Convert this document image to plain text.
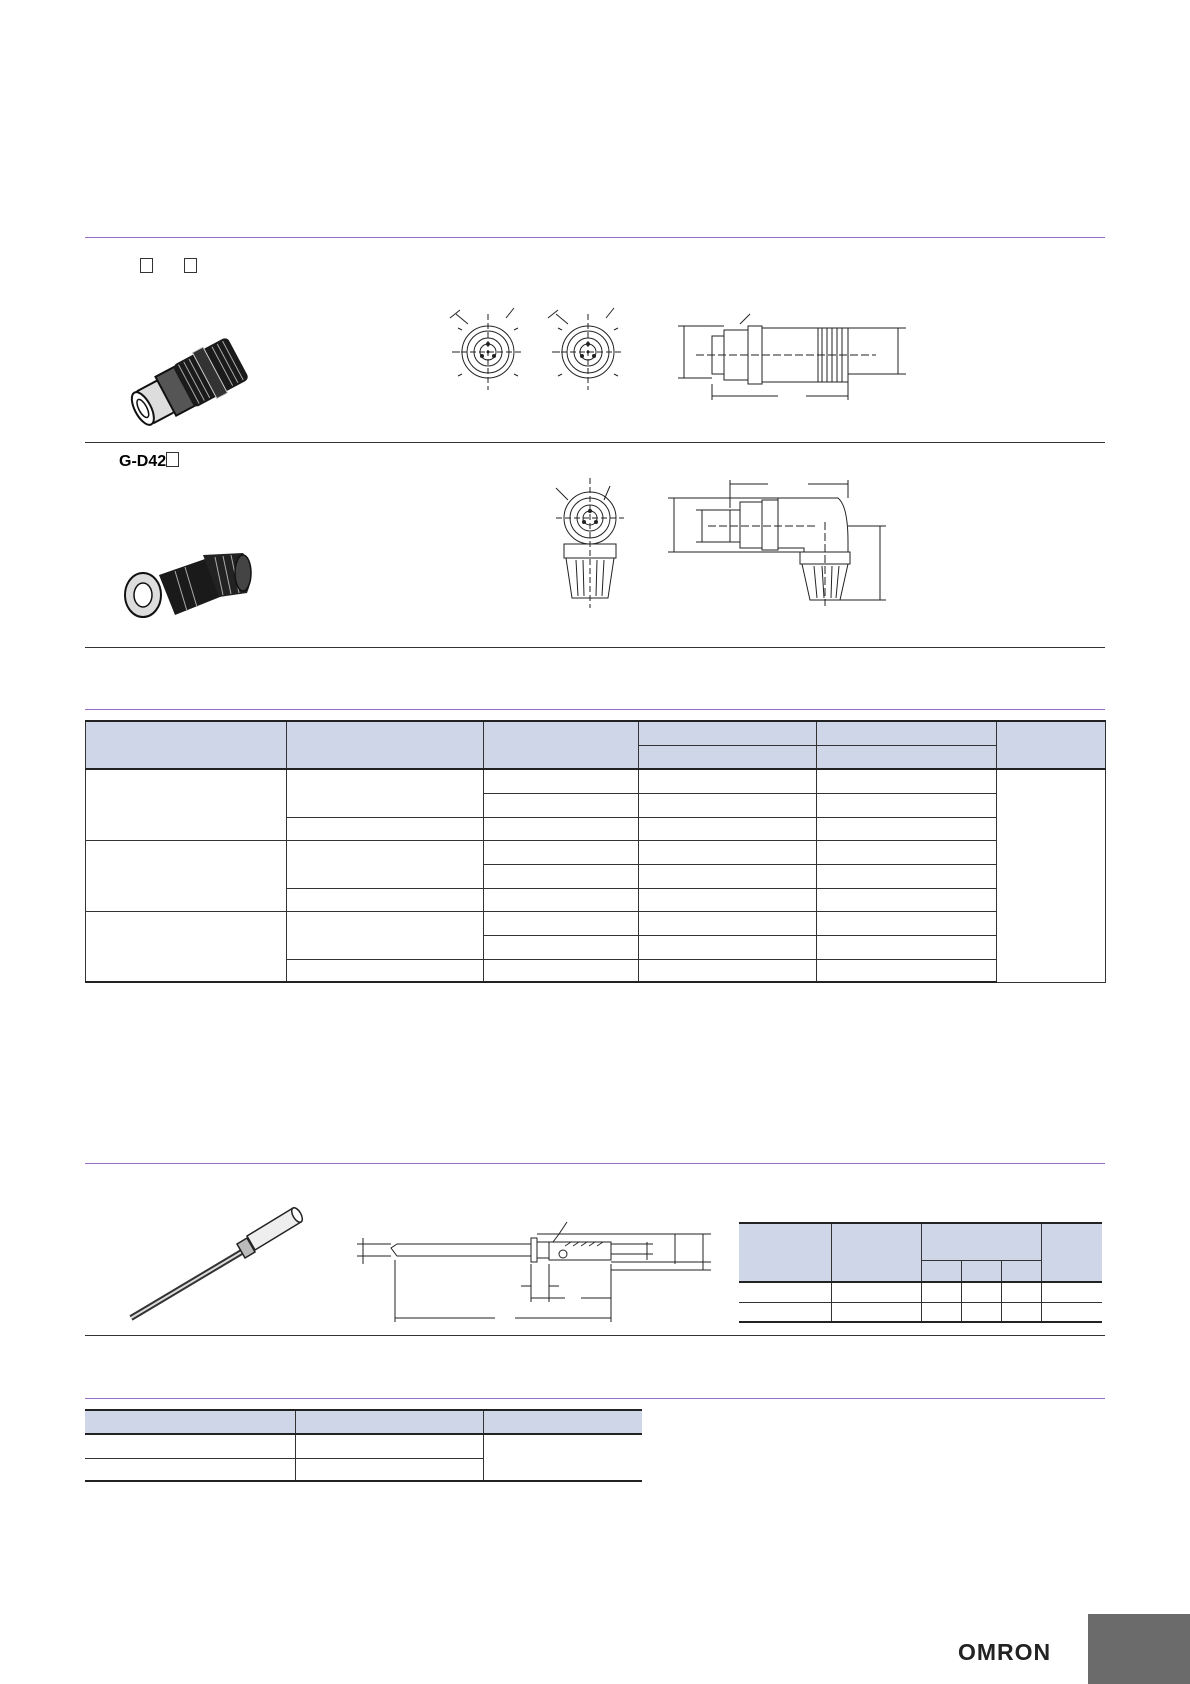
G-D42

OMRON
